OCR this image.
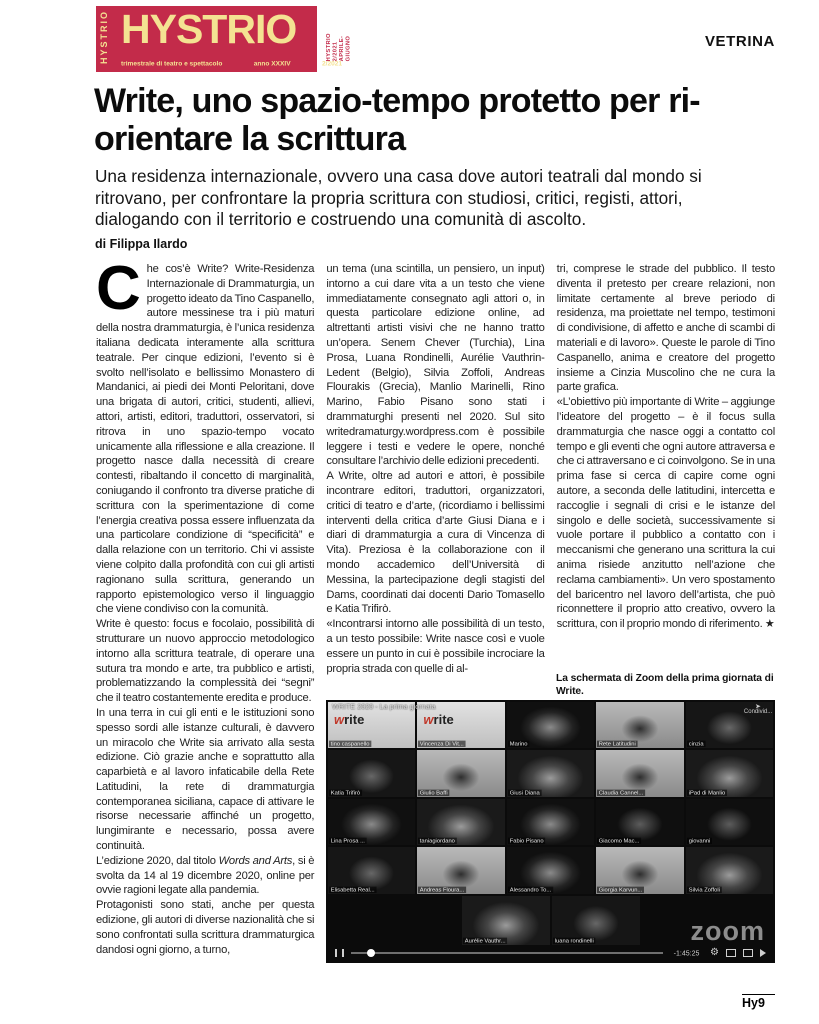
HYSTRIO HYSTRIO
trimestrale di teatro e spettacolo	anno XXXIV	2/2021
HYSTRIO 2/2021 APRILE-GIUGNO	VETRINA
Write, uno spazio-tempo protetto per ri-orientare la scrittura

Una residenza internazionale, ovvero una casa dove autori teatrali dal mondo si ritrovano, per confrontare la propria scrittura con studiosi, critici, registi, attori, dialogando con il territorio e costruendo una comunità di ascolto.

di Filippa Ilardo

Che cos’è Write? Write-Residenza Internazionale di Drammaturgia, un progetto ideato da Tino Caspanello, autore messinese tra i più maturi della nostra drammaturgia, è l’unica residenza italiana dedicata interamente alla scrittura teatrale. Per cinque edizioni, l’evento si è svolto nell’isolato e bellissimo Monastero di Mandanici, ai piedi dei Monti Peloritani, dove una brigata di autori, critici, studenti, allievi, attori, artisti, editori, traduttori, osservatori, si ritrova in uno spazio-tempo vocato unicamente alla riflessione e alla creazione. Il progetto nasce dalla necessità di creare contesti, ribaltando il concetto di marginalità, coniugando il confronto tra diverse pratiche di scrittura con la sperimentazione di come l’energia creativa possa essere influenzata da una particolare condizione di “specificità” e dalla relazione con un territorio. Chi vi assiste viene colpito dalla profondità con cui gli artisti ragionano sulla scrittura, generando un rapporto epistemologico verso il linguaggio che viene condiviso con la comunità.

Write è questo: focus e focolaio, possibilità di strutturare un nuovo approccio metodologico intorno alla scrittura teatrale, di operare una sutura tra mondo e arte, tra pubblico e artisti, problematizzando la complessità dei “segni” che il teatro costantemente eredita e produce.

In una terra in cui gli enti e le istituzioni sono spesso sordi alle istanze culturali, è davvero un miracolo che Write sia arrivato alla sesta edizione. Ciò grazie anche e soprattutto alla caparbietà e al lavoro infaticabile della Rete Latitudini, la rete di drammaturgia contemporanea siciliana, capace di attivare le risorse necessarie affinché un progetto, lungimirante e necessario, possa avere continuità.

L’edizione 2020, dal titolo Words and Arts, si è svolta da 14 al 19 dicembre 2020, online per ovvie ragioni legate alla pandemia.

Protagonisti sono stati, anche per questa edizione, gli autori di diverse nazionalità che si sono confrontati sulla scrittura drammaturgica dandosi ogni giorno, a turno,

un tema (una scintilla, un pensiero, un input) intorno a cui dare vita a un testo che viene immediatamente consegnato agli attori o, in questa particolare edizione online, ad altrettanti artisti visivi che ne hanno tratto un’opera. Senem Chever (Turchia), Lina Prosa, Luana Rondinelli, Aurélie Vauthrin-Ledent (Belgio), Silvia Zoffoli, Andreas Flourakis (Grecia), Manlio Marinelli, Rino Marino, Fabio Pisano sono stati i drammaturghi presenti nel 2020. Sul sito writedramaturgy.wordpress.com è possibile leggere i testi e vedere le opere, nonché consultare l’archivio delle edizioni precedenti.

A Write, oltre ad autori e attori, è possibile incontrare editori, traduttori, organizzatori, critici di teatro e d’arte, (ricordiamo i bellissimi interventi della critica d’arte Giusi Diana e i diari di drammaturgia a cura di Vincenza di Vita). Preziosa è la collaborazione con il mondo accademico dell’Università di Messina, la partecipazione degli stagisti del Dams, coordinati dai docenti Dario Tomasello e Katia Trifirò.

«Incontrarsi intorno alle possibilità di un testo, a un testo possibile: Write nasce così e vuole essere un punto in cui è possibile incrociare la propria strada con quelle di al-

tri, comprese le strade del pubblico. Il testo diventa il pretesto per creare relazioni, non limitate certamente al breve periodo di residenza, ma proiettate nel tempo, testimoni di condivisione, di affetto e anche di scambi di materiali e di lavoro». Queste le parole di Tino Caspanello, anima e creatore del progetto insieme a Cinzia Muscolino che ne cura la parte grafica.

«L’obiettivo più importante di Write – aggiunge l’ideatore del progetto – è il focus sulla drammaturgia che nasce oggi a contatto col tempo e gli eventi che ogni autore attraversa e che ci attraversano e ci coinvolgono. Se in una prima fase si cerca di capire come ogni autore, a seconda delle latitudini, intercetta e raccoglie i segnali di crisi e le istanze del singolo e delle società, successivamente si vuole portare il pubblico a contatto con i meccanismi che generano una scrittura la cui anima risiede anzitutto nell’azione che reclama cambiamenti». Un vero spostamento del baricentro nel lavoro dell’artista, che può riconnettere il proprio atto creativo, ovvero la scrittura, con il proprio mondo di riferimento. ★

La schermata di Zoom della prima giornata di Write.

WRITE 2020 - La prima giornata	➤
Condivid...
write
tino caspanello
write
Vincenza Di Vit...	Marino	Rete Latitudini	cinzia
Katia Trifirò	Giulio Baffi	Giusi Diana	Claudia Cannel...	iPad di Manlio
Lina Prosa ...	taniagiordano	Fabio Pisano	Giacomo Mac...	giovanni
Elisabetta Real...	Andreas Floura...	Alessandro To...	Giorgia Karvun...	Silvia Zoffoli
Aurélie Vauthr...	luana rondinelli	zoom
-1:45:25 ⚙
Hy9
